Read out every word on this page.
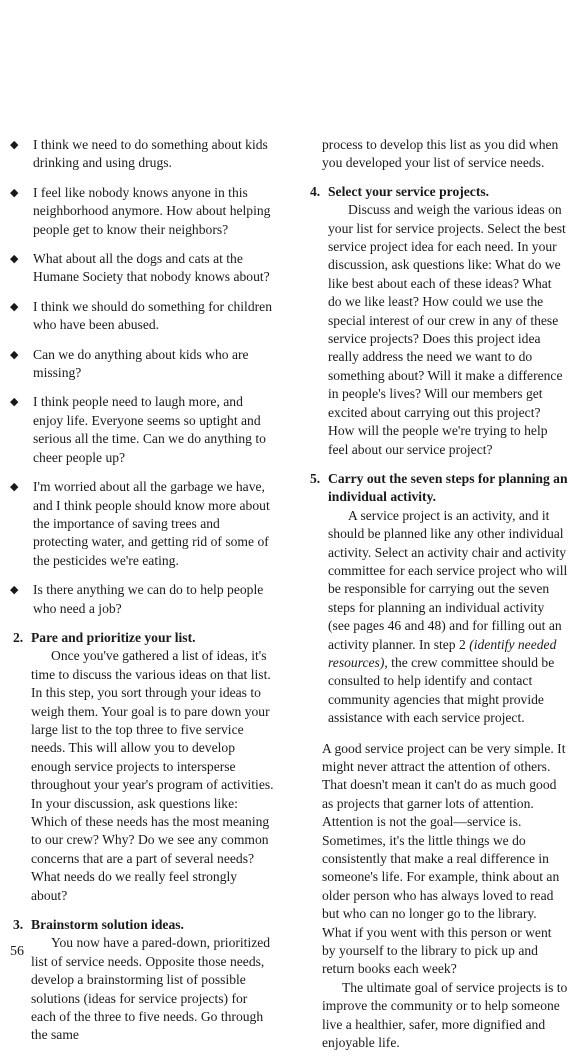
◆ I think we need to do something about kids drinking and using drugs.
◆ I feel like nobody knows anyone in this neighborhood anymore. How about helping people get to know their neighbors?
◆ What about all the dogs and cats at the Humane Society that nobody knows about?
◆ I think we should do something for children who have been abused.
◆ Can we do anything about kids who are missing?
◆ I think people need to laugh more, and enjoy life. Everyone seems so uptight and serious all the time. Can we do anything to cheer people up?
◆ I'm worried about all the garbage we have, and I think people should know more about the importance of saving trees and protecting water, and getting rid of some of the pesticides we're eating.
◆ Is there anything we can do to help people who need a job?
2. Pare and prioritize your list.
Once you've gathered a list of ideas, it's time to discuss the various ideas on that list. In this step, you sort through your ideas to weigh them. Your goal is to pare down your large list to the top three to five service needs. This will allow you to develop enough service projects to intersperse throughout your year's program of activities. In your discussion, ask questions like: Which of these needs has the most meaning to our crew? Why? Do we see any common concerns that are a part of several needs? What needs do we really feel strongly about?
3. Brainstorm solution ideas.
You now have a pared-down, prioritized list of service needs. Opposite those needs, develop a brainstorming list of possible solutions (ideas for service projects) for each of the three to five needs. Go through the same

process to develop this list as you did when you developed your list of service needs.

4. Select your service projects.
Discuss and weigh the various ideas on your list for service projects. Select the best service project idea for each need. In your discussion, ask questions like: What do we like best about each of these ideas? What do we like least? How could we use the special interest of our crew in any of these service projects? Does this project idea really address the need we want to do something about? Will it make a difference in people's lives? Will our members get excited about carrying out this project? How will the people we're trying to help feel about our service project?
5. Carry out the seven steps for planning an individual activity.
A service project is an activity, and it should be planned like any other individual activity. Select an activity chair and activity committee for each service project who will be responsible for carrying out the seven steps for planning an individual activity (see pages 46 and 48) and for filling out an activity planner. In step 2 (identify needed resources), the crew committee should be consulted to help identify and contact community agencies that might provide assistance with each service project.

A good service project can be very simple. It might never attract the attention of others. That doesn't mean it can't do as much good as projects that garner lots of attention. Attention is not the goal—service is. Sometimes, it's the little things we do consistently that make a real difference in someone's life. For example, think about an older person who has always loved to read but who can no longer go to the library. What if you went with this person or went by yourself to the library to pick up and return books each week?

The ultimate goal of service projects is to improve the community or to help someone live a healthier, safer, more dignified and enjoyable life.

56
